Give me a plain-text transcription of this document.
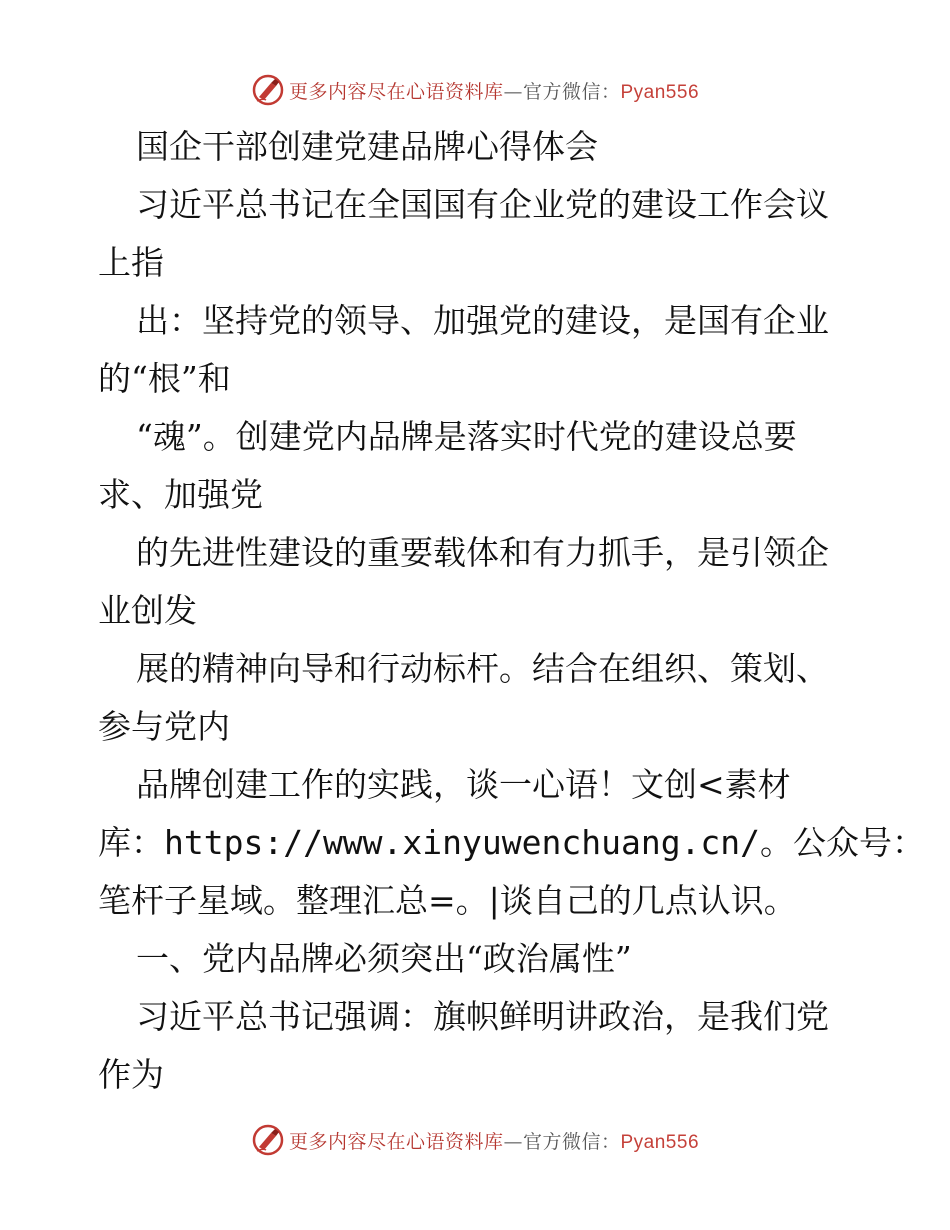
更多内容尽在心语资料库—官方微信：Pyan556
国企干部创建党建品牌心得体会
习近平总书记在全国国有企业党的建设工作会议
上指
出：坚持党的领导、加强党的建设，是国有企业
的“根”和
“魂”。创建党内品牌是落实时代党的建设总要
求、加强党
的先进性建设的重要载体和有力抓手，是引领企
业创发
展的精神向导和行动标杆。结合在组织、策划、
参与党内
品牌创建工作的实践，谈一心语！文创<素材
库：https://www.xinyuwenchuang.cn/。公众号：
笔杆子星域。整理汇总=。|谈自己的几点认识。
一、党内品牌必须突出“政治属性”
习近平总书记强调：旗帜鲜明讲政治，是我们党
作为
更多内容尽在心语资料库—官方微信：Pyan556
